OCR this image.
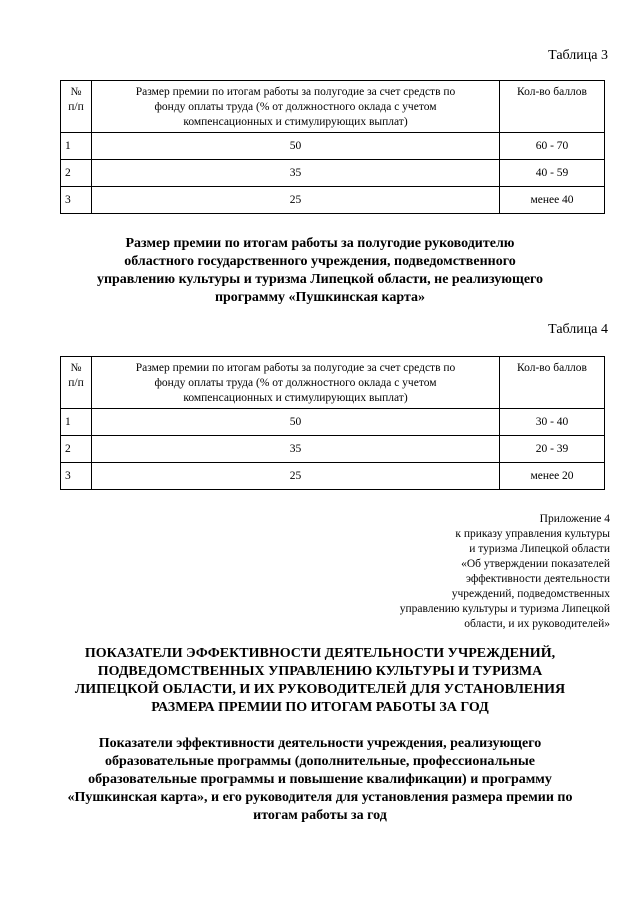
Таблица 3
№
п/п	Размер премии по итогам работы за полугодие за счет средств по
фонду оплаты труда (% от должностного оклада с учетом
компенсационных и стимулирующих выплат)	Кол-во баллов
1	50	60 - 70
2	35	40 - 59
3	25	менее 40
Размер премии по итогам работы за полугодие руководителю
областного государственного учреждения, подведомственного
управлению культуры и туризма Липецкой области, не реализующего
программу «Пушкинская карта»
Таблица 4
№
п/п	Размер премии по итогам работы за полугодие за счет средств по
фонду оплаты труда (% от должностного оклада с учетом
компенсационных и стимулирующих выплат)	Кол-во баллов
1	50	30 - 40
2	35	20 - 39
3	25	менее 20
Приложение 4
к приказу управления культуры
и туризма Липецкой области
«Об утверждении показателей
эффективности деятельности
учреждений, подведомственных
управлению культуры и туризма Липецкой
области, и их руководителей»
ПОКАЗАТЕЛИ ЭФФЕКТИВНОСТИ ДЕЯТЕЛЬНОСТИ УЧРЕЖДЕНИЙ,
ПОДВЕДОМСТВЕННЫХ УПРАВЛЕНИЮ КУЛЬТУРЫ И ТУРИЗМА
ЛИПЕЦКОЙ ОБЛАСТИ, И ИХ РУКОВОДИТЕЛЕЙ ДЛЯ УСТАНОВЛЕНИЯ
РАЗМЕРА ПРЕМИИ ПО ИТОГАМ РАБОТЫ ЗА ГОД
Показатели эффективности деятельности учреждения, реализующего
образовательные программы (дополнительные, профессиональные
образовательные программы и повышение квалификации) и программу
«Пушкинская карта», и его руководителя для установления размера премии по
итогам работы за год
